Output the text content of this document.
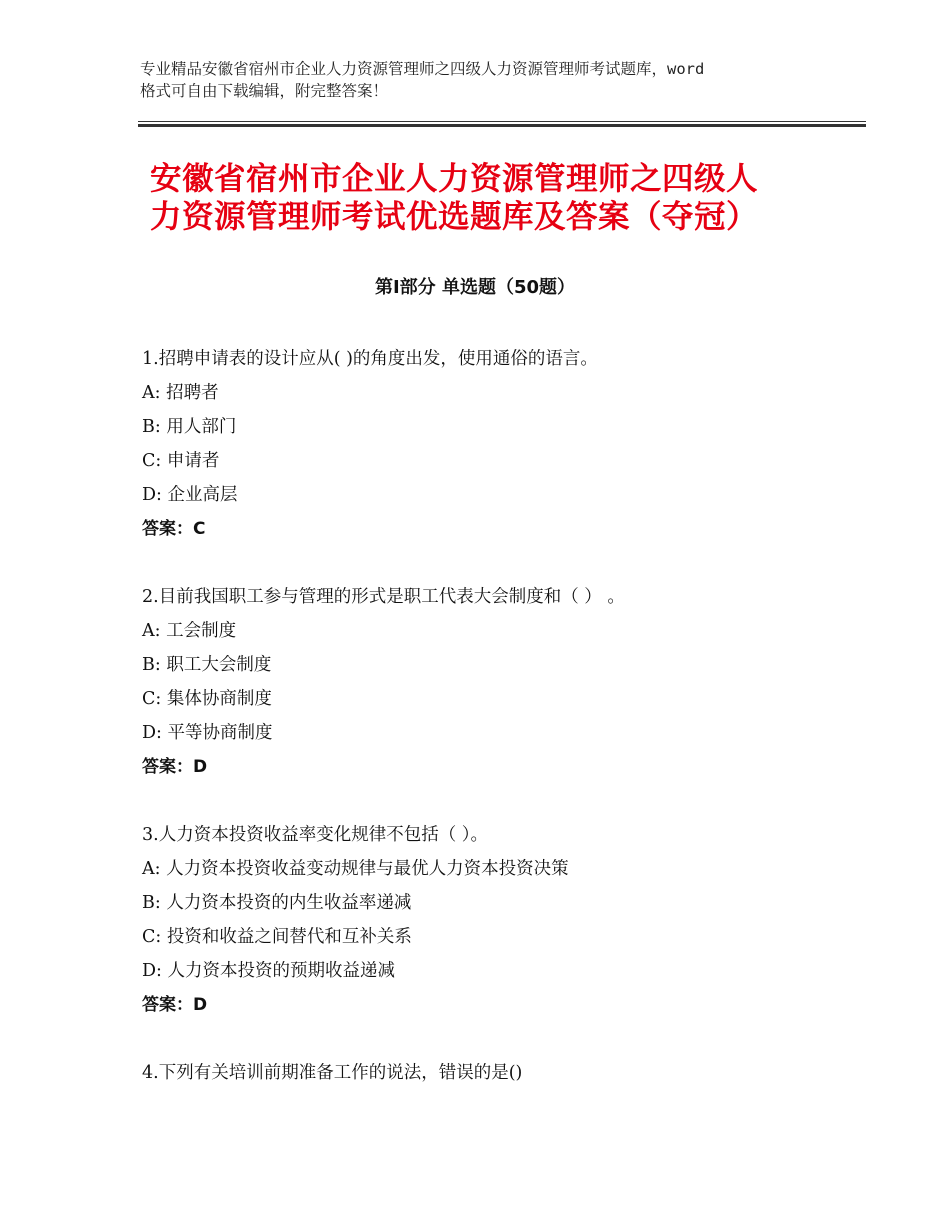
专业精品安徽省宿州市企业人力资源管理师之四级人力资源管理师考试题库，word
格式可自由下载编辑，附完整答案！
安徽省宿州市企业人力资源管理师之四级人
力资源管理师考试优选题库及答案（夺冠）
第Ⅰ部分 单选题（50题）
1.招聘申请表的设计应从( )的角度出发，使用通俗的语言。
A: 招聘者
B: 用人部门
C: 申请者
D: 企业高层
答案：C
2.目前我国职工参与管理的形式是职工代表大会制度和（ ） 。
A: 工会制度
B: 职工大会制度
C: 集体协商制度
D: 平等协商制度
答案：D
3.人力资本投资收益率变化规律不包括（ ）。
A: 人力资本投资收益变动规律与最优人力资本投资决策
B: 人力资本投资的内生收益率递减
C: 投资和收益之间替代和互补关系
D: 人力资本投资的预期收益递减
答案：D
4.下列有关培训前期准备工作的说法，错误的是()
